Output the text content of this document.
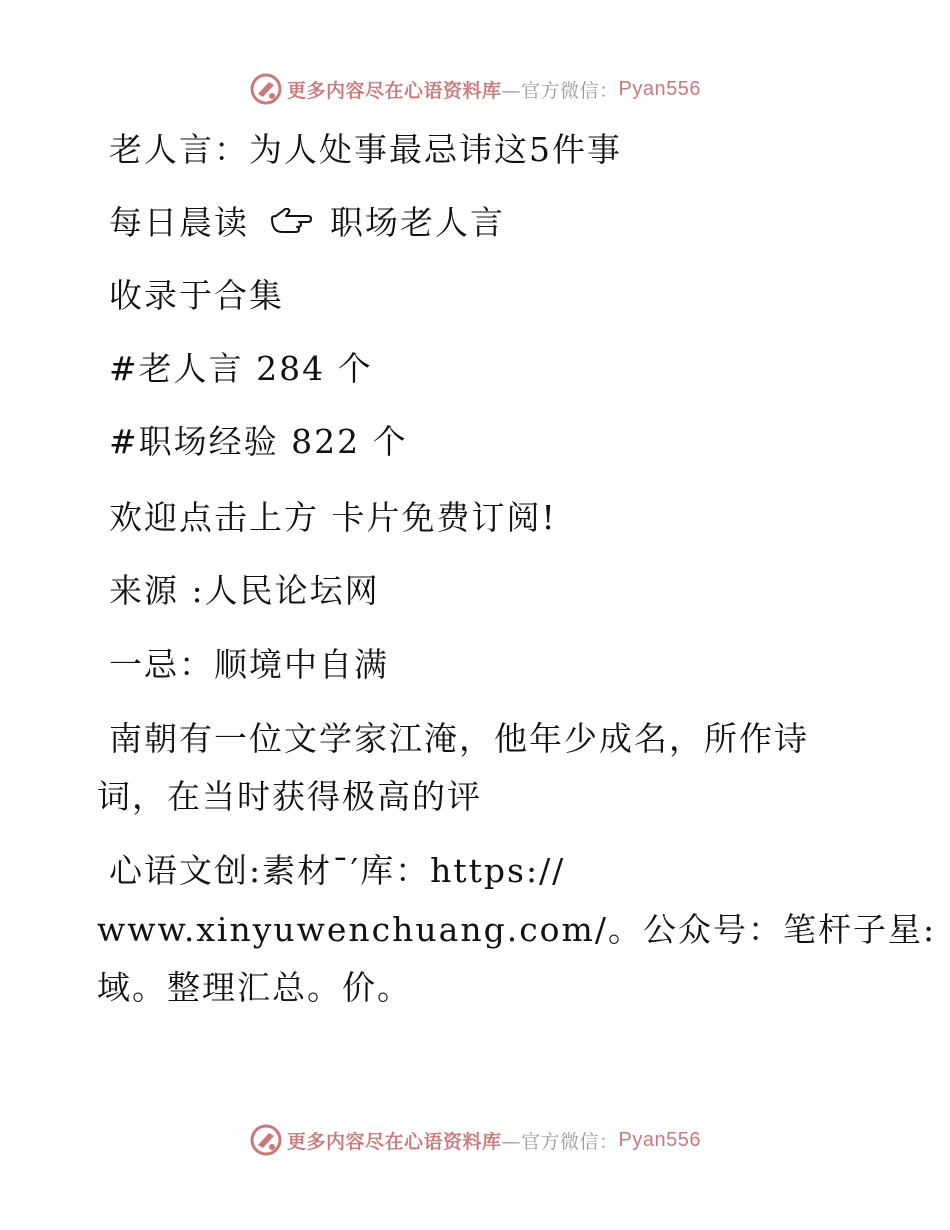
更多内容尽在心语资料库 —官方微信： Pyan556
老人言：为人处事最忌讳这5件事
每日晨读 职场老人言
收录于合集
#老人言 284 个
#职场经验 822 个
欢迎点击上方 卡片免费订阅!
来源 :人民论坛网
一忌：顺境中自满
南朝有一位文学家江淹，他年少成名，所作诗
词，在当时获得极高的评
心语文创:素材¯′库：https://
www.xinyuwenchuang.com/。公众号：笔杆子星:
域。整理汇总。价。
更多内容尽在心语资料库 —官方微信： Pyan556
